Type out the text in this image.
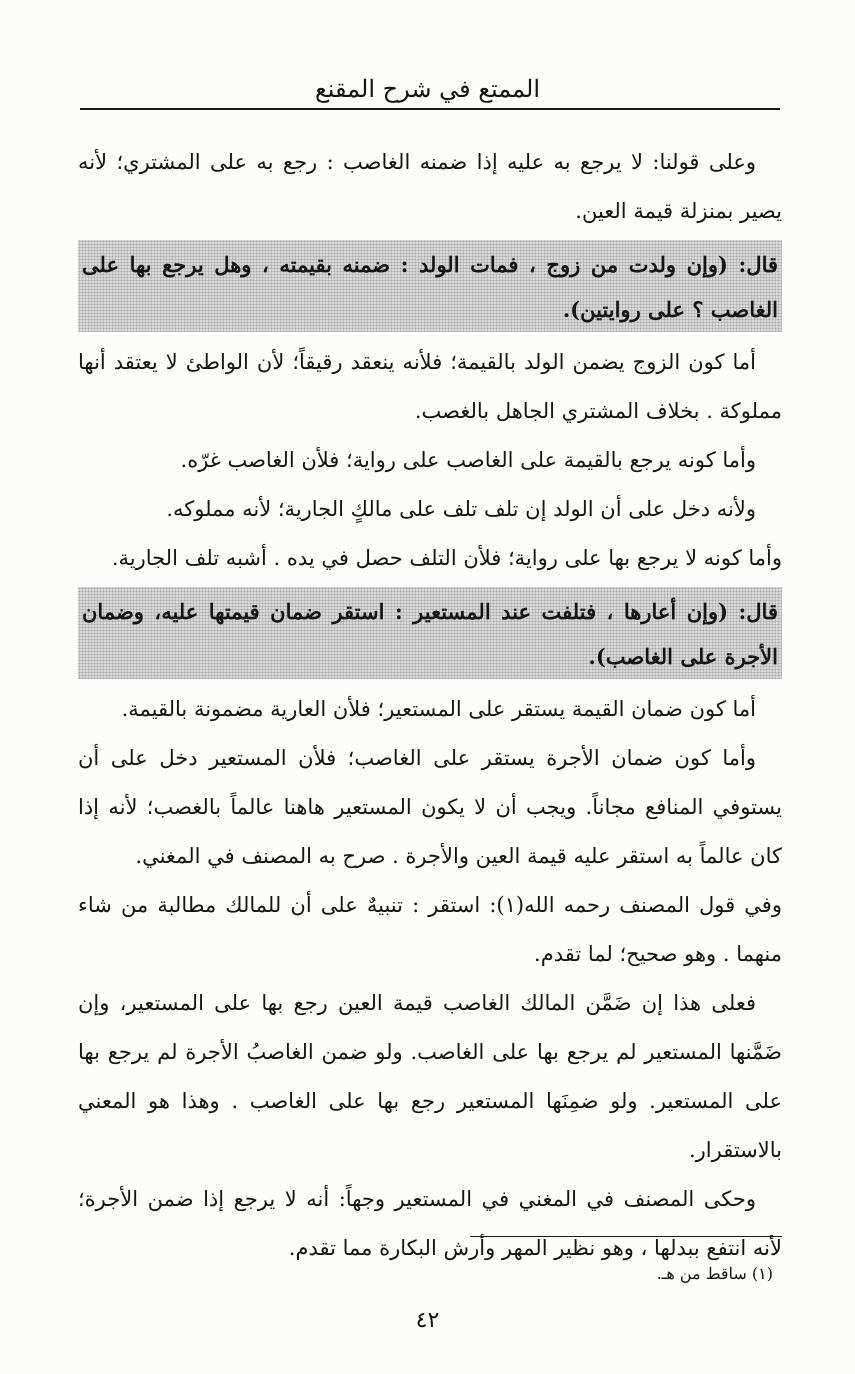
الممتع في شرح المقنع

وعلى قولنا: لا يرجع به عليه إذا ضمنه الغاصب : رجع به على المشتري؛ لأنه يصير بمنزلة قيمة العين.

قال: (وإن ولدت من زوج ، فمات الولد : ضمنه بقيمته ، وهل يرجع بها على الغاصب ؟ على روايتين).

أما كون الزوج يضمن الولد بالقيمة؛ فلأنه ينعقد رقيقاً؛ لأن الواطئ لا يعتقد أنها مملوكة . بخلاف المشتري الجاهل بالغصب.

وأما كونه يرجع بالقيمة على الغاصب على رواية؛ فلأن الغاصب غرّه.

ولأنه دخل على أن الولد إن تلف تلف على مالكٍ الجارية؛ لأنه مملوكه.

وأما كونه لا يرجع بها على رواية؛ فلأن التلف حصل في يده . أشبه تلف الجارية.

قال: (وإن أعارها ، فتلفت عند المستعير : استقر ضمان قيمتها عليه، وضمان الأجرة على الغاصب).

أما كون ضمان القيمة يستقر على المستعير؛ فلأن العارية مضمونة بالقيمة.

وأما كون ضمان الأجرة يستقر على الغاصب؛ فلأن المستعير دخل على أن يستوفي المنافع مجاناً. ويجب أن لا يكون المستعير هاهنا عالماً بالغصب؛ لأنه إذا كان عالماً به استقر عليه قيمة العين والأجرة . صرح به المصنف في المغني.

وفي قول المصنف رحمه الله(١): استقر : تنبيهٌ على أن للمالك مطالبة من شاء منهما . وهو صحيح؛ لما تقدم.

فعلى هذا إن ضَمَّن المالك الغاصب قيمة العين رجع بها على المستعير، وإن ضَمَّنها المستعير لم يرجع بها على الغاصب. ولو ضمن الغاصبُ الأجرة لم يرجع بها على المستعير. ولو ضمِنَها المستعير رجع بها على الغاصب . وهذا هو المعني بالاستقرار.

وحكى المصنف في المغني في المستعير وجهاً: أنه لا يرجع إذا ضمن الأجرة؛ لأنه انتفع ببدلها ، وهو نظير المهر وأرش البكارة مما تقدم.

(١) ساقط من هـ.
٤٢
